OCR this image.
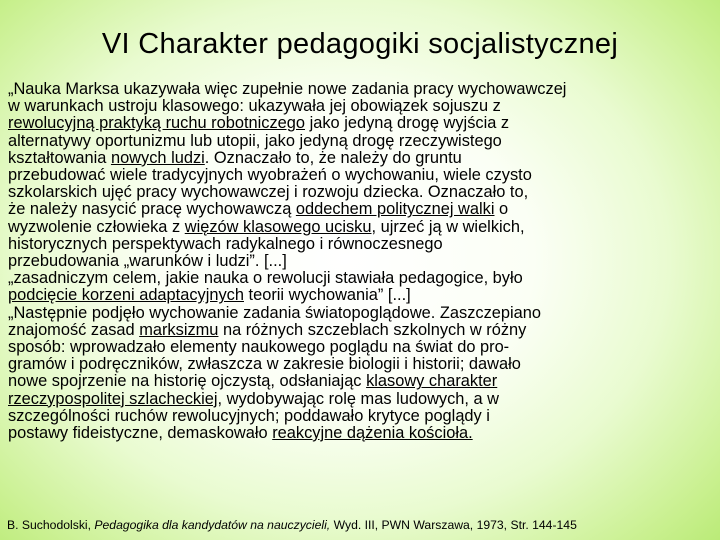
VI Charakter pedagogiki socjalistycznej
„Nauka Marksa ukazywała więc zupełnie nowe zadania pracy wychowawczej
w warunkach ustroju klasowego: ukazywała jej obowiązek sojuszu z
rewolucyjną praktyką ruchu robotniczego jako jedyną drogę wyjścia z
alternatywy oportunizmu lub utopii, jako jedyną drogę rzeczywistego
kształtowania nowych ludzi. Oznaczało to, że należy do gruntu
przebudować wiele tradycyjnych wyobrażeń o wychowaniu, wiele czysto
szkolarskich ujęć pracy wychowawczej i rozwoju dziecka. Oznaczało to,
że należy nasycić pracę wychowawczą oddechem politycznej walki o
wyzwolenie człowieka z więzów klasowego ucisku, ujrzeć ją w wielkich,
historycznych perspektywach radykalnego i równoczesnego
przebudowania „warunków i ludzi”. [...]
„zasadniczym celem, jakie nauka o rewolucji stawiała pedagogice, było
podcięcie korzeni adaptacyjnych teorii wychowania” [...]
„Następnie podjęło wychowanie zadania światopoglądowe. Zaszczepiano
znajomość zasad marksizmu na różnych szczeblach szkolnych w różny
sposób: wprowadzało elementy naukowego poglądu na świat do pro-
gramów i podręczników, zwłaszcza w zakresie biologii i historii; dawało
nowe spojrzenie na historię ojczystą, odsłaniając klasowy charakter
rzeczypospolitej szlacheckiej, wydobywając rolę mas ludowych, a w
szczególności ruchów rewolucyjnych; poddawało krytyce poglądy i
postawy fideistyczne, demaskowało reakcyjne dążenia kościoła.
B. Suchodolski, Pedagogika dla kandydatów na nauczycieli, Wyd. III, PWN Warszawa, 1973, Str. 144-145
